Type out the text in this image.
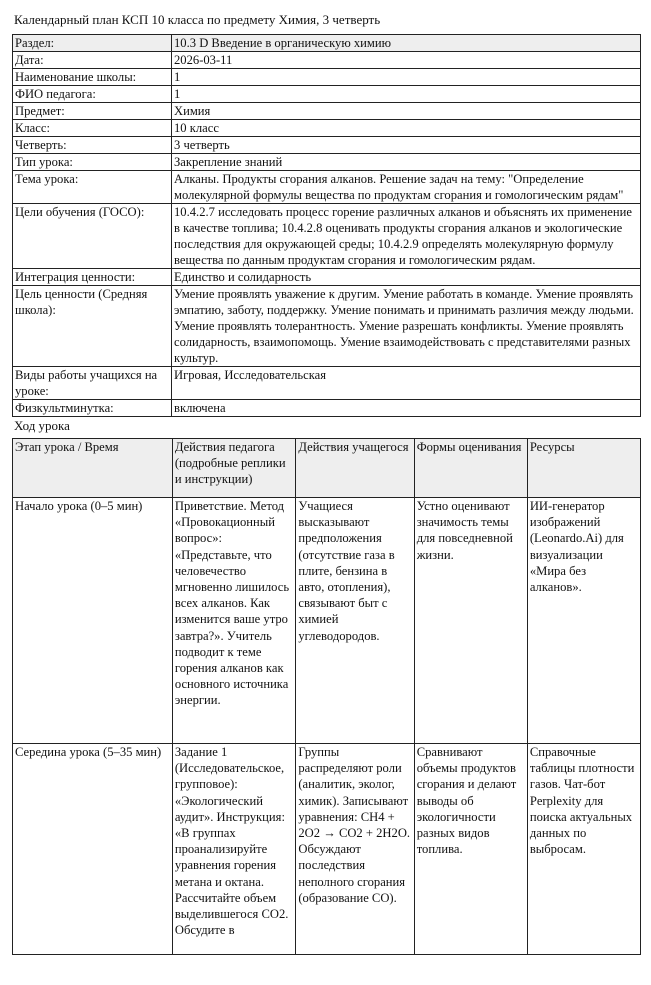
Календарный план КСП 10 класса по предмету Химия, 3 четверть
Раздел:	10.3 D Введение в органическую химию
Дата:	2026-03-11
Наименование школы:	1
ФИО педагога:	1
Предмет:	Химия
Класс:	10 класс
Четверть:	3 четверть
Тип урока:	Закрепление знаний
Тема урока:	Алканы. Продукты сгорания алканов. Решение задач на тему: "Определение молекулярной формулы вещества по продуктам сгорания и гомологическим рядам"
Цели обучения (ГОСО):	10.4.2.7 исследовать процесс горение различных алканов и объяснять их применение в качестве топлива; 10.4.2.8 оценивать продукты сгорания алканов и экологические последствия для окружающей среды; 10.4.2.9 определять молекулярную формулу вещества по данным продуктам сгорания и гомологическим рядам.
Интеграция ценности:	Единство и солидарность
Цель ценности (Средняя школа):	Умение проявлять уважение к другим. Умение работать в команде. Умение проявлять эмпатию, заботу, поддержку. Умение понимать и принимать различия между людьми. Умение проявлять толерантность. Умение разрешать конфликты. Умение проявлять солидарность, взаимопомощь. Умение взаимодействовать с представителями разных культур.
Виды работы учащихся на уроке:	Игровая, Исследовательская
Физкультминутка:	включена
Ход урока
Этап урока / Время	Действия педагога (подробные реплики и инструкции)	Действия учащегося	Формы оценивания	Ресурсы
Начало урока (0–5 мин)	Приветствие. Метод «Провокационный вопрос»: «Представьте, что человечество мгновенно лишилось всех алканов. Как изменится ваше утро завтра?». Учитель подводит к теме горения алканов как основного источника энергии.	Учащиеся высказывают предположения (отсутствие газа в плите, бензина в авто, отопления), связывают быт с химией углеводородов.	Устно оценивают значимость темы для повседневной жизни.	ИИ-генератор изображений (Leonardo.Ai) для визуализации «Мира без алканов».
Середина урока (5–35 мин)	Задание 1 (Исследовательское, групповое): «Экологический аудит». Инструкция: «В группах проанализируйте уравнения горения метана и октана. Рассчитайте объем выделившегося CO2. Обсудите в	Группы распределяют роли (аналитик, эколог, химик). Записывают уравнения: CH4 + 2O2 → CO2 + 2H2O. Обсуждают последствия неполного сгорания (образование CO).	Сравнивают объемы продуктов сгорания и делают выводы об экологичности разных видов топлива.	Справочные таблицы плотности газов. Чат-бот Perplexity для поиска актуальных данных по выбросам.
